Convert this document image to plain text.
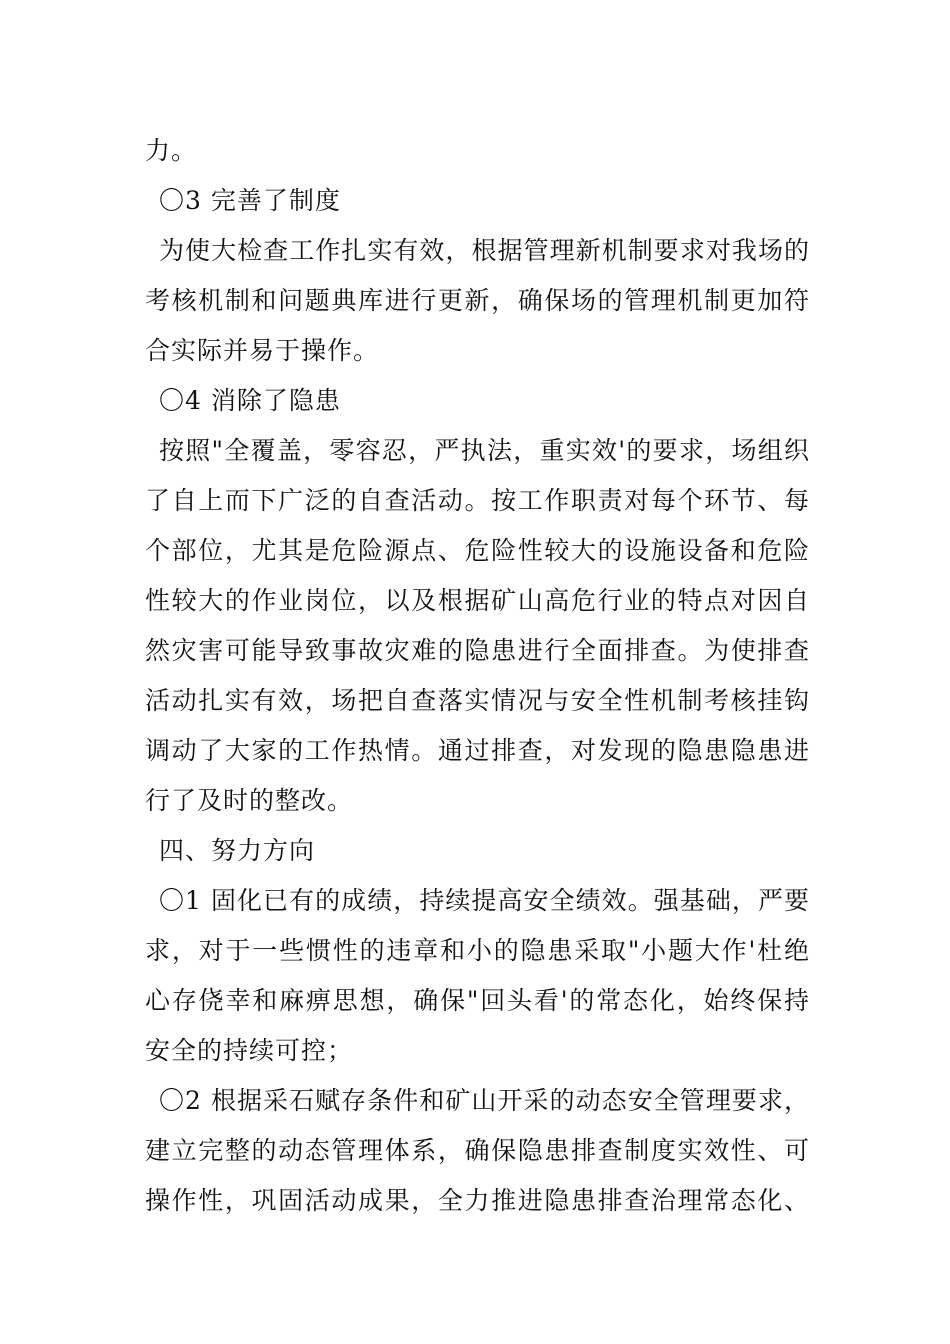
力。
〇3 完善了制度
为使大检查工作扎实有效，根据管理新机制要求对我场的
考核机制和问题典库进行更新，确保场的管理机制更加符
合实际并易于操作。
〇4 消除了隐患
按照"全覆盖，零容忍，严执法，重实效'的要求，场组织
了自上而下广泛的自查活动。按工作职责对每个环节、每
个部位，尤其是危险源点、危险性较大的设施设备和危险
性较大的作业岗位，以及根据矿山高危行业的特点对因自
然灾害可能导致事故灾难的隐患进行全面排查。为使排查
活动扎实有效，场把自查落实情况与安全性机制考核挂钩
调动了大家的工作热情。通过排查，对发现的隐患隐患进
行了及时的整改。
四、努力方向
〇1 固化已有的成绩，持续提高安全绩效。强基础，严要
求，对于一些惯性的违章和小的隐患采取"小题大作'杜绝
心存侥幸和麻痹思想，确保"回头看'的常态化，始终保持
安全的持续可控；
〇2 根据采石赋存条件和矿山开采的动态安全管理要求，
建立完整的动态管理体系，确保隐患排查制度实效性、可
操作性，巩固活动成果，全力推进隐患排查治理常态化、
